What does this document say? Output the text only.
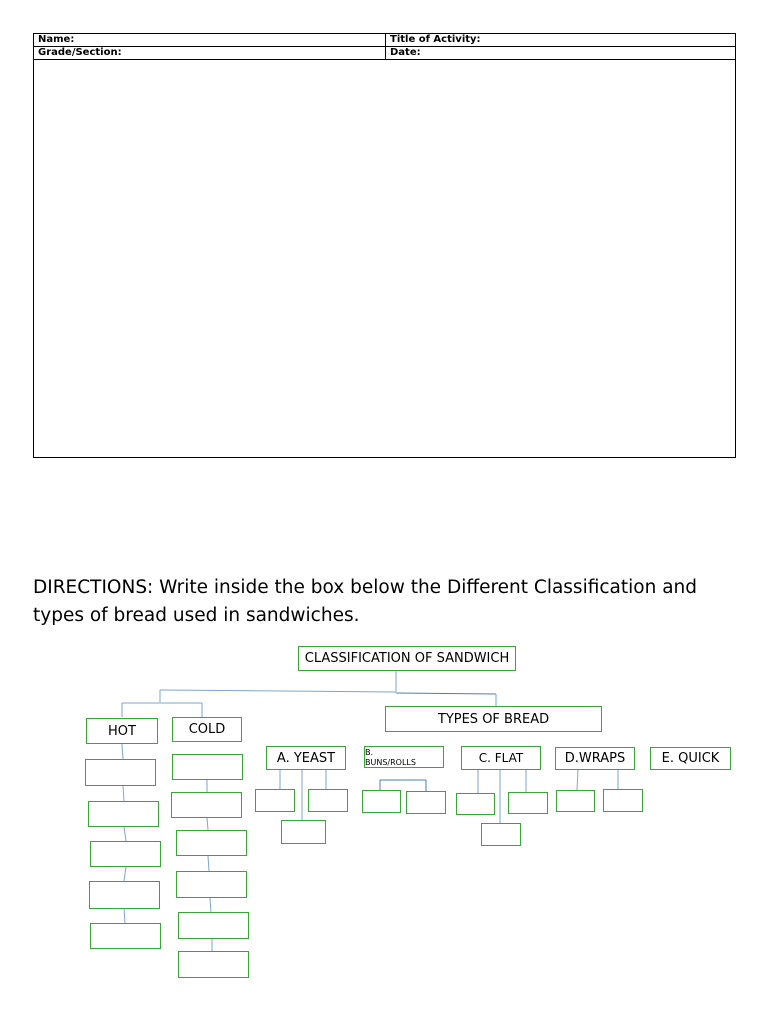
Name:	Title of Activity:
Grade/Section:	Date:
DIRECTIONS: Write inside the box below the Different Classification and types of bread used in sandwiches.
CLASSIFICATION OF SANDWICH
HOT	COLD
TYPES OF BREAD
A. YEAST	B.
BUNS/ROLLS	C. FLAT	D.WRAPS	E. QUICK
